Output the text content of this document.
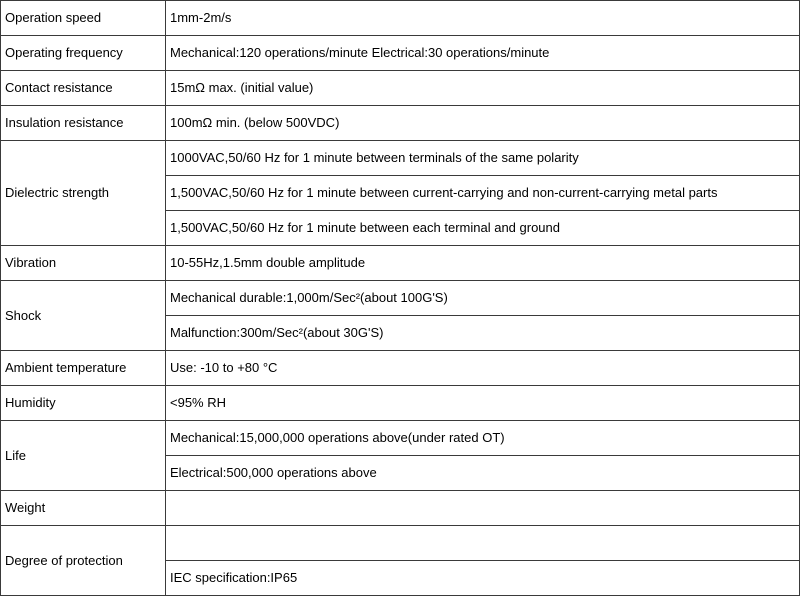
Operation speed	1mm-2m/s
Operating frequency	Mechanical:120 operations/minute Electrical:30 operations/minute
Contact resistance	15mΩ max. (initial value)
Insulation resistance	100mΩ min. (below 500VDC)
Dielectric strength	1000VAC,50/60 Hz for 1 minute between terminals of the same polarity
	1,500VAC,50/60 Hz for 1 minute between current-carrying and non-current-carrying metal parts
	1,500VAC,50/60 Hz for 1 minute between each terminal and ground
Vibration	10-55Hz,1.5mm double amplitude
Shock	Mechanical durable:1,000m/Sec²(about 100G'S)
	Malfunction:300m/Sec²(about 30G'S)
Ambient temperature	Use: -10 to +80 °C
Humidity	<95% RH
Life	Mechanical:15,000,000 operations above(under rated OT)
	Electrical:500,000 operations above
Weight	
Degree of protection	
	IEC specification:IP65
